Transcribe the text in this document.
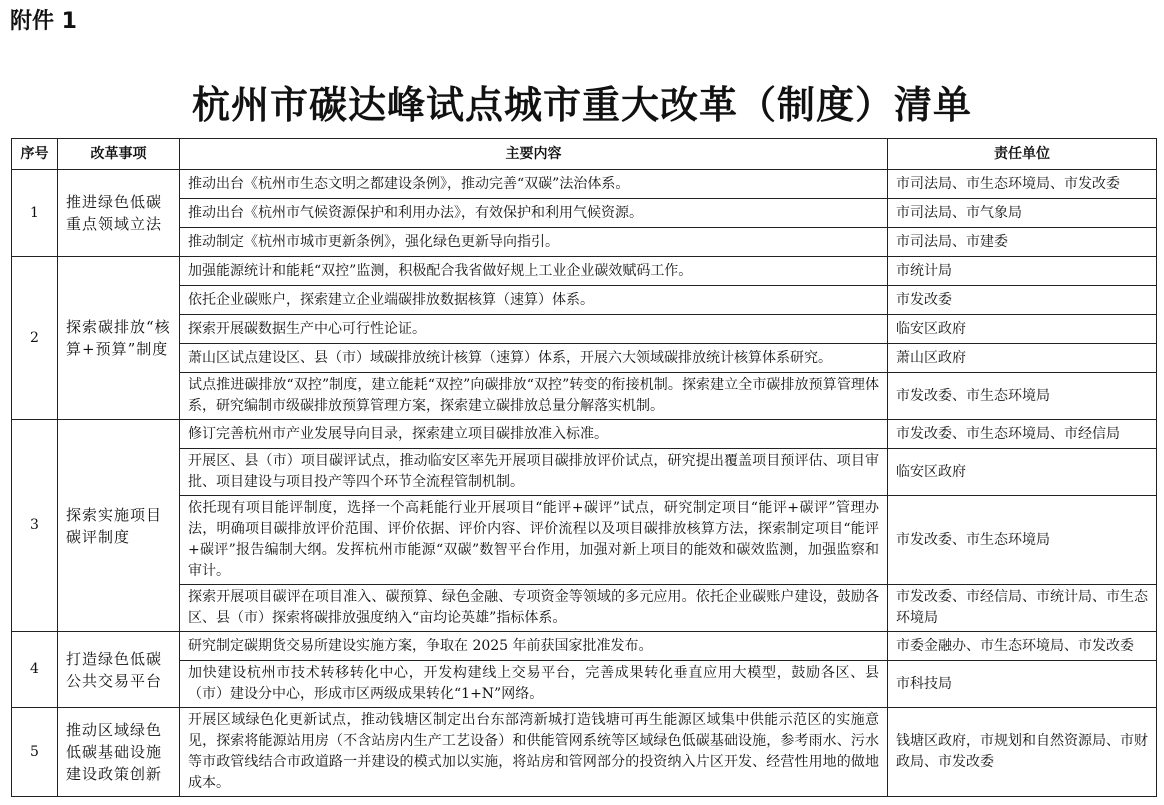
附件 1
杭州市碳达峰试点城市重大改革（制度）清单
序号	改革事项	主要内容	责任单位
1	推进绿色低碳重点领域立法	推动出台《杭州市生态文明之都建设条例》，推动完善“双碳”法治体系。	市司法局、市生态环境局、市发改委
		推动出台《杭州市气候资源保护和利用办法》，有效保护和利用气候资源。	市司法局、市气象局
		推动制定《杭州市城市更新条例》，强化绿色更新导向指引。	市司法局、市建委
2	探索碳排放“核算+预算”制度	加强能源统计和能耗“双控”监测，积极配合我省做好规上工业企业碳效赋码工作。	市统计局
		依托企业碳账户，探索建立企业端碳排放数据核算（速算）体系。	市发改委
		探索开展碳数据生产中心可行性论证。	临安区政府
		萧山区试点建设区、县（市）域碳排放统计核算（速算）体系，开展六大领域碳排放统计核算体系研究。	萧山区政府
		试点推进碳排放“双控”制度，建立能耗“双控”向碳排放“双控”转变的衔接机制。探索建立全市碳排放预算管理体系，研究编制市级碳排放预算管理方案，探索建立碳排放总量分解落实机制。	市发改委、市生态环境局
3	探索实施项目碳评制度	修订完善杭州市产业发展导向目录，探索建立项目碳排放准入标准。	市发改委、市生态环境局、市经信局
		开展区、县（市）项目碳评试点，推动临安区率先开展项目碳排放评价试点，研究提出覆盖项目预评估、项目审批、项目建设与项目投产等四个环节全流程管制机制。	临安区政府
		依托现有项目能评制度，选择一个高耗能行业开展项目“能评+碳评”试点，研究制定项目“能评+碳评”管理办法，明确项目碳排放评价范围、评价依据、评价内容、评价流程以及项目碳排放核算方法，探索制定项目“能评+碳评”报告编制大纲。发挥杭州市能源“双碳”数智平台作用，加强对新上项目的能效和碳效监测，加强监察和审计。	市发改委、市生态环境局
		探索开展项目碳评在项目准入、碳预算、绿色金融、专项资金等领域的多元应用。依托企业碳账户建设，鼓励各区、县（市）探索将碳排放强度纳入“亩均论英雄”指标体系。	市发改委、市经信局、市统计局、市生态环境局
4	打造绿色低碳公共交易平台	研究制定碳期货交易所建设实施方案，争取在 2025 年前获国家批准发布。	市委金融办、市生态环境局、市发改委
		加快建设杭州市技术转移转化中心，开发构建线上交易平台，完善成果转化垂直应用大模型，鼓励各区、县（市）建设分中心，形成市区两级成果转化“1+N”网络。	市科技局
5	推动区域绿色低碳基础设施建设政策创新	开展区域绿色化更新试点，推动钱塘区制定出台东部湾新城打造钱塘可再生能源区域集中供能示范区的实施意见，探索将能源站用房（不含站房内生产工艺设备）和供能管网系统等区域绿色低碳基础设施，参考雨水、污水等市政管线结合市政道路一并建设的模式加以实施，将站房和管网部分的投资纳入片区开发、经营性用地的做地成本。	钱塘区政府，市规划和自然资源局、市财政局、市发改委
